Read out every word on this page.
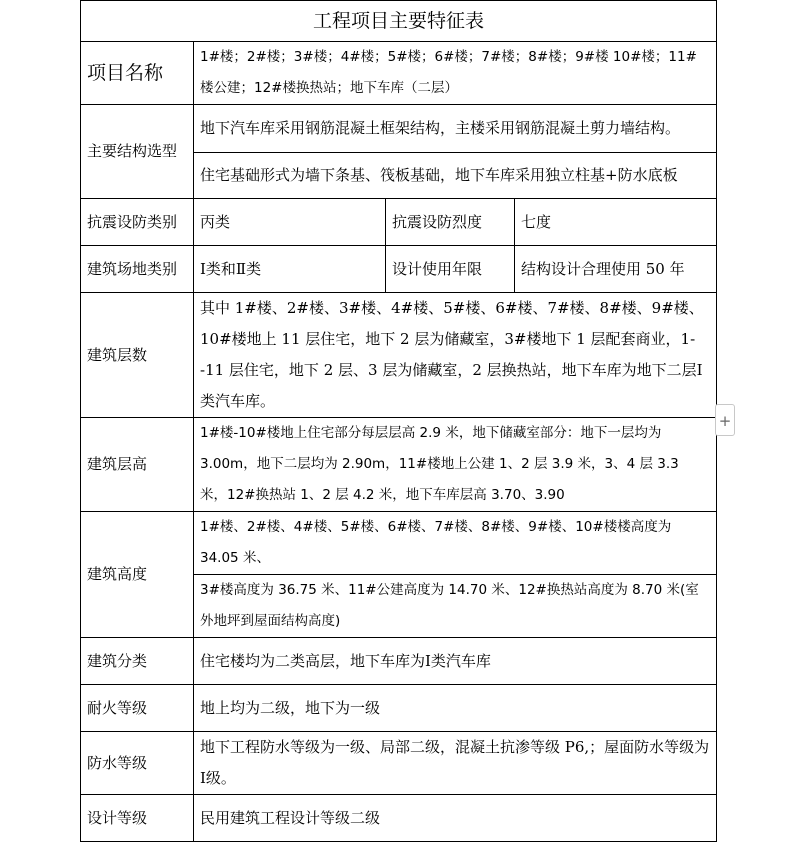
工程项目主要特征表			
项目名称	1#楼；2#楼；3#楼；4#楼；5#楼；6#楼；7#楼；8#楼；9#楼 10#楼；11#楼公建；12#楼换热站；地下车库（二层）		
主要结构选型	地下汽车库采用钢筋混凝土框架结构，主楼采用钢筋混凝土剪力墙结构。		
	住宅基础形式为墙下条基、筏板基础，地下车库采用独立柱基+防水底板		
抗震设防类别	丙类	抗震设防烈度	七度
建筑场地类别	Ⅰ类和Ⅱ类	设计使用年限	结构设计合理使用 50 年
建筑层数	其中 1#楼、2#楼、3#楼、4#楼、5#楼、6#楼、7#楼、8#楼、9#楼、10#楼地上 11 层住宅，地下 2 层为储藏室，3#楼地下 1 层配套商业，1--11 层住宅，地下 2 层、3 层为储藏室，2 层换热站，地下车库为地下二层Ⅰ类汽车库。		
建筑层高	1#楼-10#楼地上住宅部分每层层高 2.9 米，地下储藏室部分：地下一层均为 3.00m，地下二层均为 2.90m，11#楼地上公建 1、2 层 3.9 米，3、4 层 3.3 米，12#换热站 1、2 层 4.2 米，地下车库层高 3.70、3.90		
建筑高度	1#楼、2#楼、4#楼、5#楼、6#楼、7#楼、8#楼、9#楼、10#楼楼高度为 34.05 米、		
	3#楼高度为 36.75 米、11#公建高度为 14.70 米、12#换热站高度为 8.70 米(室外地坪到屋面结构高度)		
建筑分类	住宅楼均为二类高层，地下车库为Ⅰ类汽车库		
耐火等级	地上均为二级，地下为一级		
防水等级	地下工程防水等级为一级、局部二级，混凝土抗渗等级 P6,；屋面防水等级为Ⅰ级。		
设计等级	民用建筑工程设计等级二级		
+
